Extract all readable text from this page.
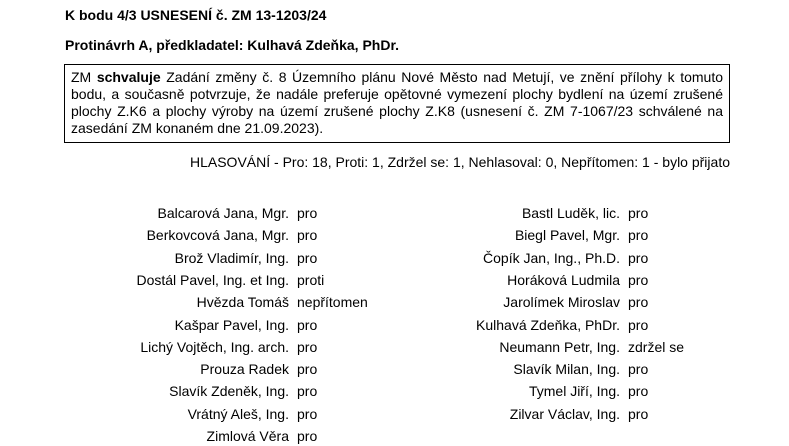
K bodu 4/3 USNESENÍ č. ZM 13-1203/24
Protinávrh A, předkladatel: Kulhavá Zdeňka, PhDr.
ZM schvaluje Zadání změny č. 8 Územního plánu Nové Město nad Metují, ve znění přílohy k tomuto bodu, a současně potvrzuje, že nadále preferuje opětovné vymezení plochy bydlení na území zrušené plochy Z.K6 a plochy výroby na území zrušené plochy Z.K8 (usnesení č. ZM 7-1067/23 schválené na zasedání ZM konaném dne 21.09.2023).
HLASOVÁNÍ - Pro: 18, Proti: 1, Zdržel se: 1, Nehlasoval: 0, Nepřítomen: 1 - bylo přijato
Balcarová Jana, Mgr. pro
Berkovcová Jana, Mgr. pro
Brož Vladimír, Ing. pro
Dostál Pavel, Ing. et Ing. proti
Hvězda Tomáš nepřítomen
Kašpar Pavel, Ing. pro
Lichý Vojtěch, Ing. arch. pro
Prouza Radek pro
Slavík Zdeněk, Ing. pro
Vrátný Aleš, Ing. pro
Zimlová Věra pro
Bastl Luděk, lic. pro
Biegl Pavel, Mgr. pro
Čopík Jan, Ing., Ph.D. pro
Horáková Ludmila pro
Jarolímek Miroslav pro
Kulhavá Zdeňka, PhDr. pro
Neumann Petr, Ing. zdržel se
Slavík Milan, Ing. pro
Tymel Jiří, Ing. pro
Zilvar Václav, Ing. pro
